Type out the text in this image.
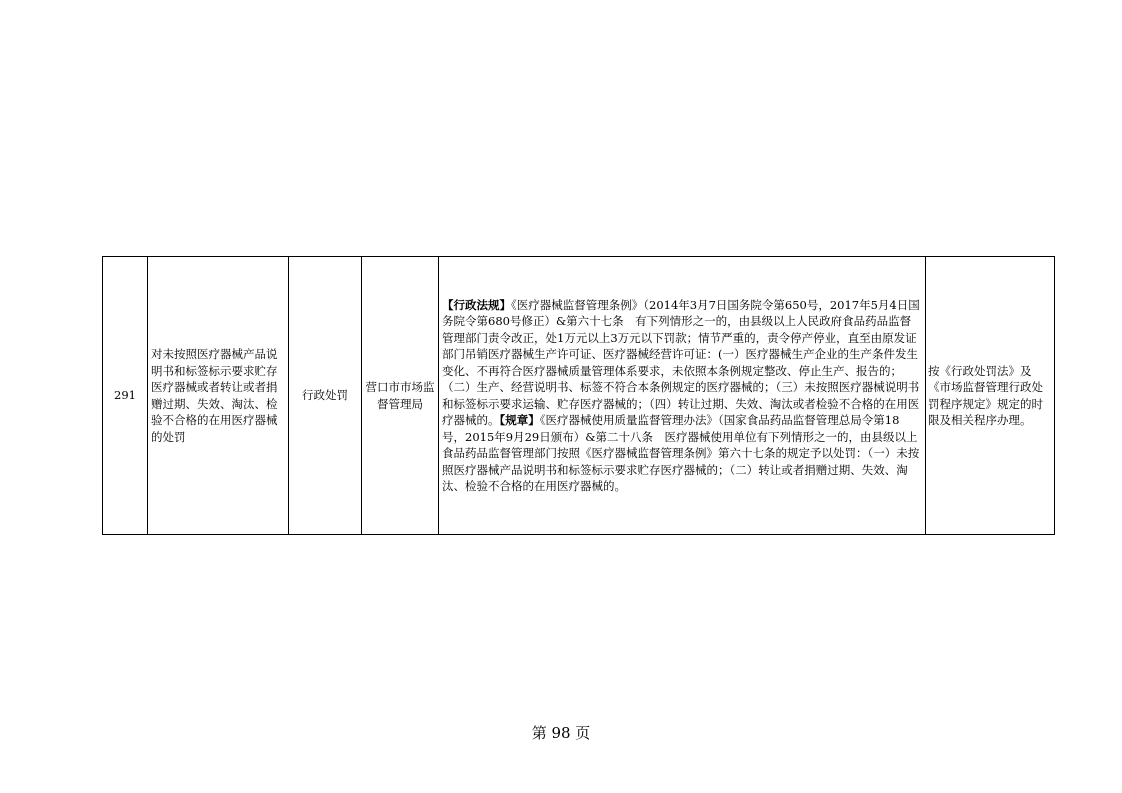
291	对未按照医疗器械产品说明书和标签标示要求贮存医疗器械或者转让或者捐赠过期、失效、淘汰、检验不合格的在用医疗器械的处罚	行政处罚	营口市市场监督管理局	【行政法规】《医疗器械监督管理条例》（2014年3月7日国务院令第650号，2017年5月4日国务院令第680号修正）&第六十七条　有下列情形之一的，由县级以上人民政府食品药品监督管理部门责令改正，处1万元以上3万元以下罚款；情节严重的，责令停产停业，直至由原发证部门吊销医疗器械生产许可证、医疗器械经营许可证：(一）医疗器械生产企业的生产条件发生变化、不再符合医疗器械质量管理体系要求，未依照本条例规定整改、停止生产、报告的；（二）生产、经营说明书、标签不符合本条例规定的医疗器械的；（三）未按照医疗器械说明书和标签标示要求运输、贮存医疗器械的；（四）转让过期、失效、淘汰或者检验不合格的在用医疗器械的。【规章】《医疗器械使用质量监督管理办法》（国家食品药品监督管理总局令第18号，2015年9月29日颁布）&第二十八条　医疗器械使用单位有下列情形之一的，由县级以上食品药品监督管理部门按照《医疗器械监督管理条例》第六十七条的规定予以处罚：（一）未按照医疗器械产品说明书和标签标示要求贮存医疗器械的；（二）转让或者捐赠过期、失效、淘汰、检验不合格的在用医疗器械的。	按《行政处罚法》及《市场监督管理行政处罚程序规定》规定的时限及相关程序办理。
第 98 页
